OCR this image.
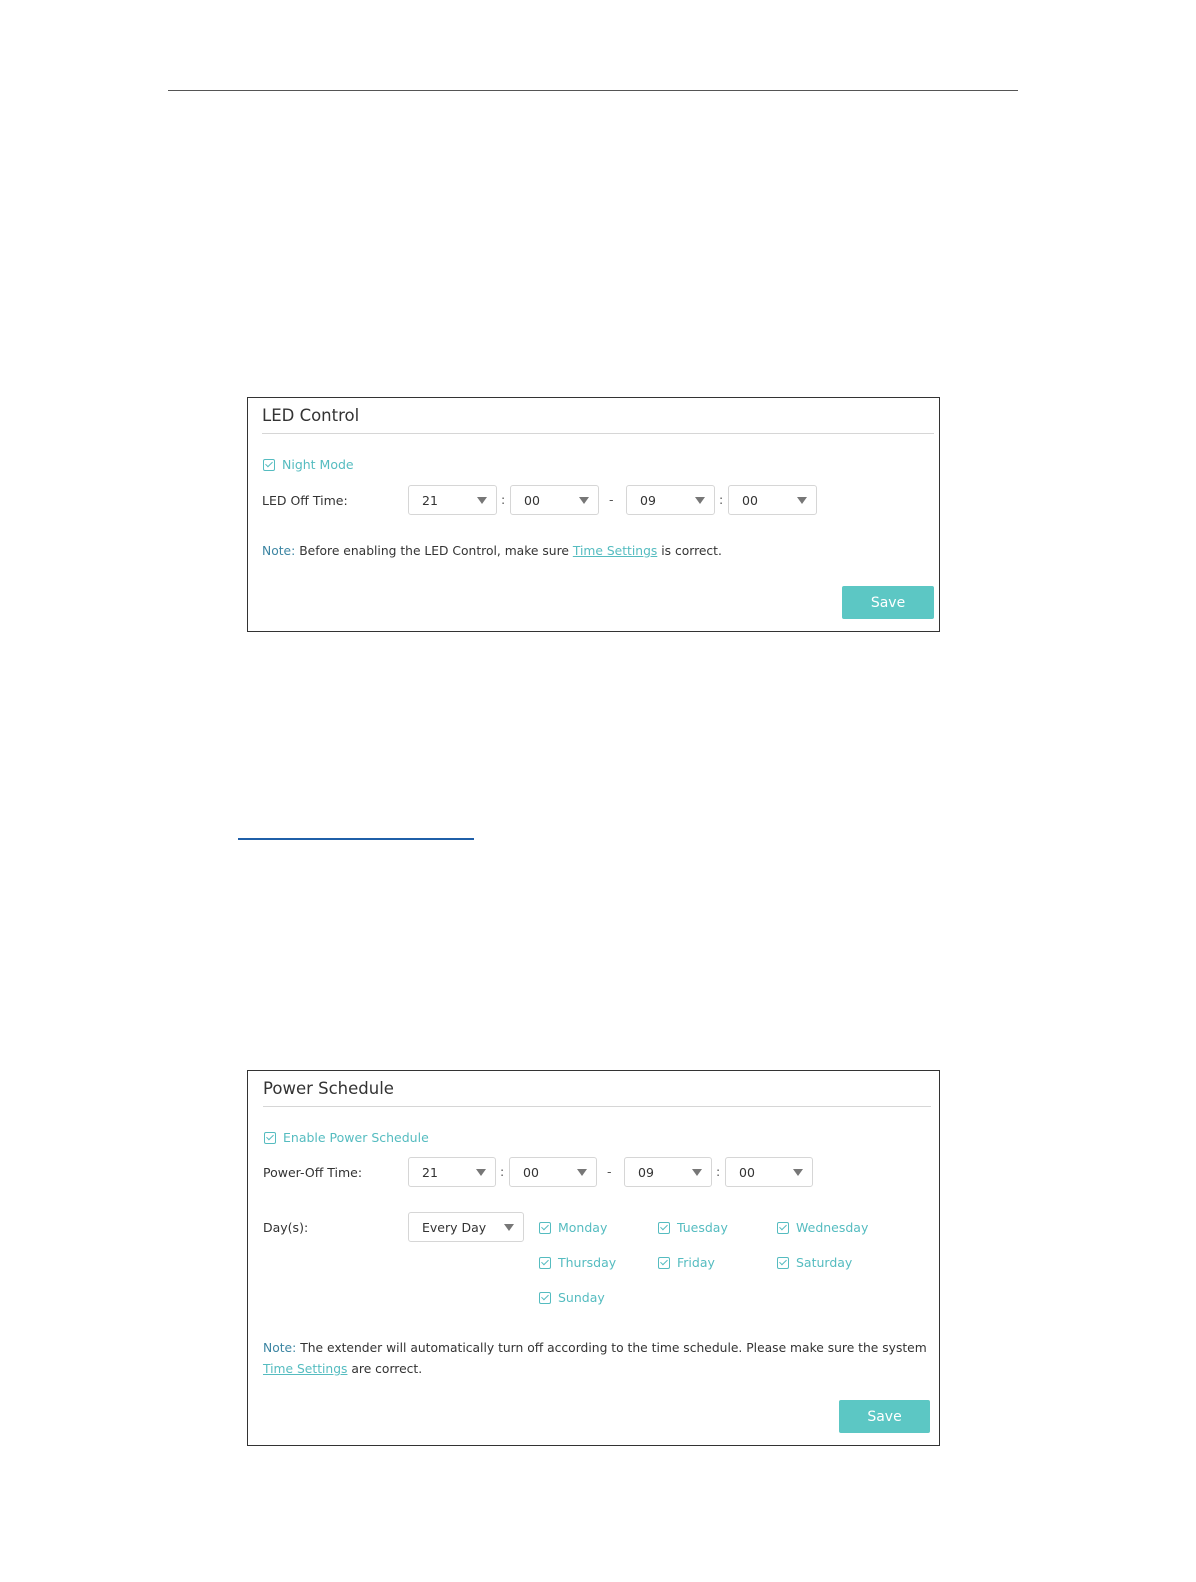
LED Control
Night Mode
LED Off Time:	21	: 00	- 09	: 00
Note: Before enabling the LED Control, make sure Time Settings is correct.
Save
Power Schedule
Enable Power Schedule
Power-Off Time:	21	: 00	- 09	: 00
Day(s):	Every Day	Monday	Tuesday	Wednesday
Thursday	Friday	Saturday
Sunday
Note: The extender will automatically turn off according to the time schedule. Please make sure the system Time Settings are correct.
Save
